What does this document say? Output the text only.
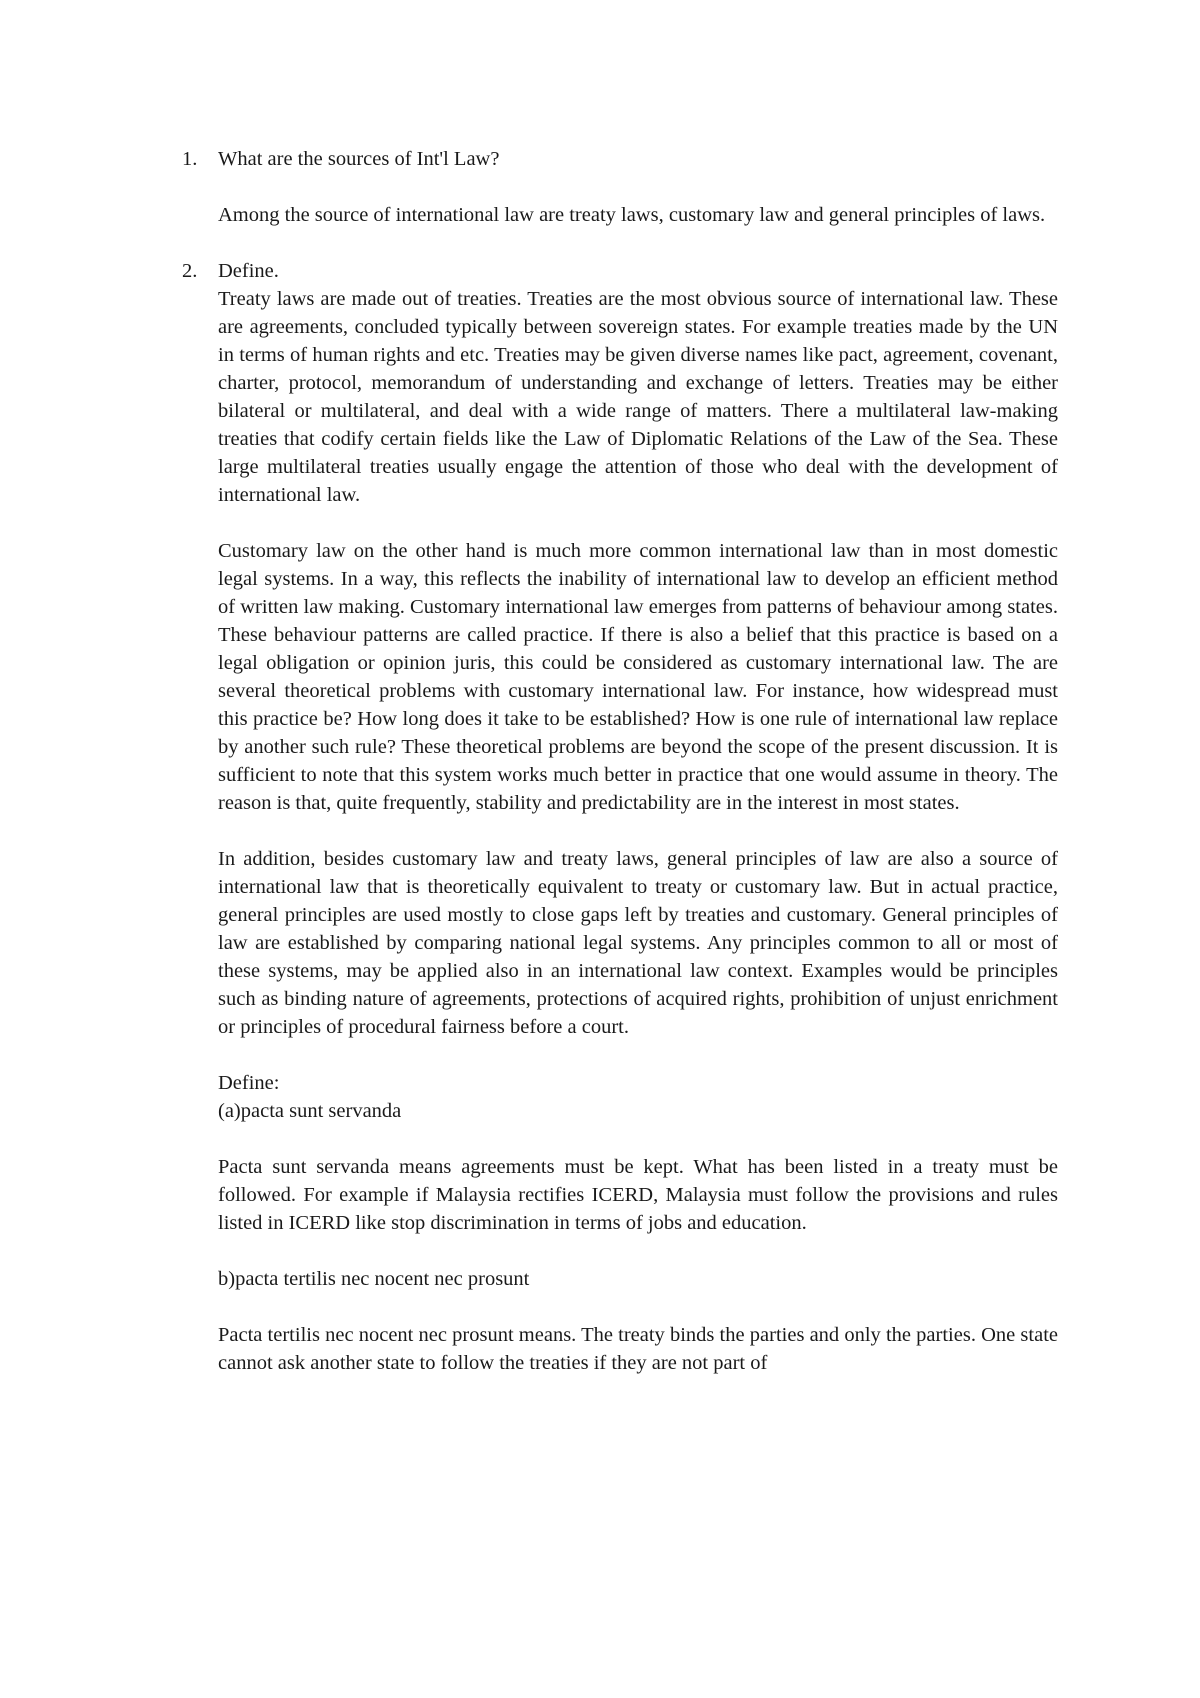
1. What are the sources of Int'l Law?

Among the source of international law are treaty laws, customary law and general principles of laws.

2. Define.

Treaty laws are made out of treaties. Treaties are the most obvious source of international law. These are agreements, concluded typically between sovereign states. For example treaties made by the UN in terms of human rights and etc. Treaties may be given diverse names like pact, agreement, covenant, charter, protocol, memorandum of understanding and exchange of letters. Treaties may be either bilateral or multilateral, and deal with a wide range of matters. There a multilateral law-making treaties that codify certain fields like the Law of Diplomatic Relations of the Law of the Sea. These large multilateral treaties usually engage the attention of those who deal with the development of international law.

Customary law on the other hand is much more common international law than in most domestic legal systems. In a way, this reflects the inability of international law to develop an efficient method of written law making. Customary international law emerges from patterns of behaviour among states. These behaviour patterns are called practice. If there is also a belief that this practice is based on a legal obligation or opinion juris, this could be considered as customary international law. The are several theoretical problems with customary international law. For instance, how widespread must this practice be? How long does it take to be established? How is one rule of international law replace by another such rule? These theoretical problems are beyond the scope of the present discussion. It is sufficient to note that this system works much better in practice that one would assume in theory. The reason is that, quite frequently, stability and predictability are in the interest in most states.

In addition, besides customary law and treaty laws, general principles of law are also a source of international law that is theoretically equivalent to treaty or customary law. But in actual practice, general principles are used mostly to close gaps left by treaties and customary. General principles of law are established by comparing national legal systems. Any principles common to all or most of these systems, may be applied also in an international law context. Examples would be principles such as binding nature of agreements, protections of acquired rights, prohibition of unjust enrichment or principles of procedural fairness before a court.

Define:

(a)pacta sunt servanda

Pacta sunt servanda means agreements must be kept. What has been listed in a treaty must be followed. For example if Malaysia rectifies ICERD, Malaysia must follow the provisions and rules listed in ICERD like stop discrimination in terms of jobs and education.

b)pacta tertilis nec nocent nec prosunt

Pacta tertilis nec nocent nec prosunt means. The treaty binds the parties and only the parties. One state cannot ask another state to follow the treaties if they are not part of
